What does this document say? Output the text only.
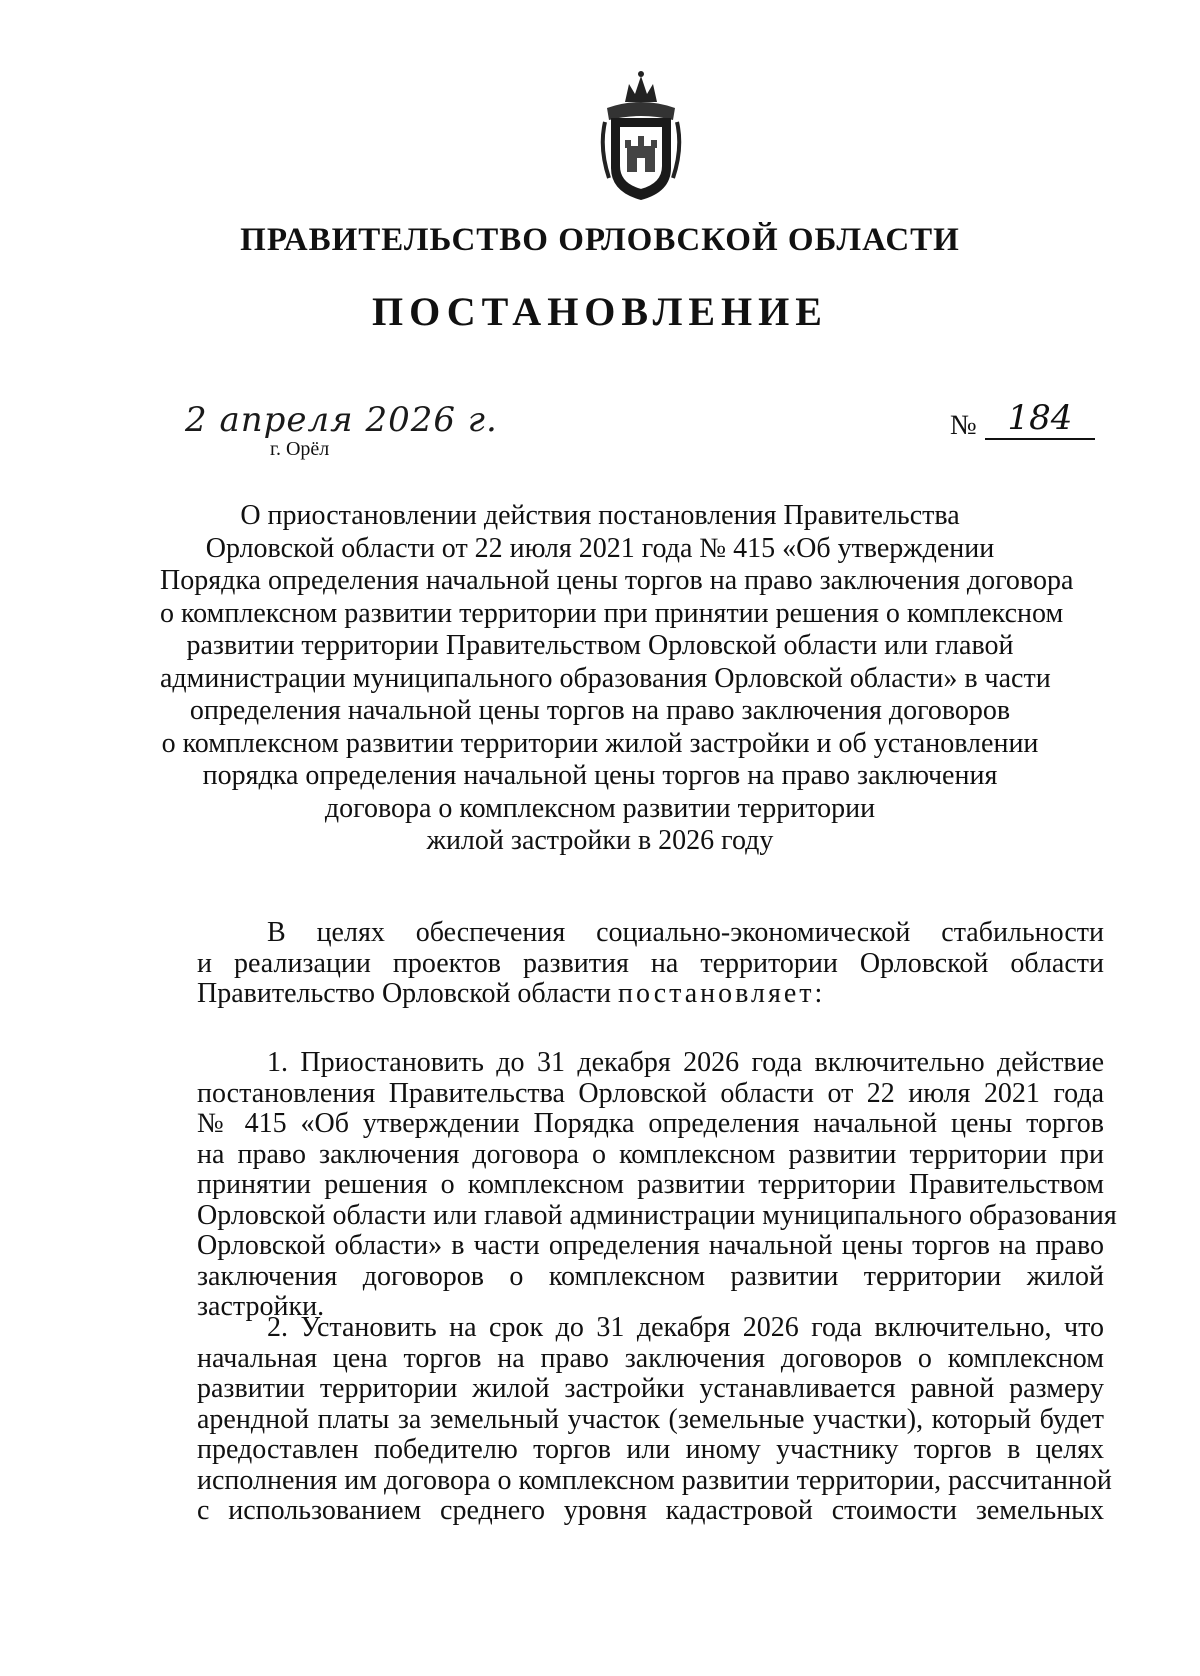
ПРАВИТЕЛЬСТВО ОРЛОВСКОЙ ОБЛАСТИ
ПОСТАНОВЛЕНИЕ
2 апреля 2026 г.
г. Орёл
№ 184
О приостановлении действия постановления Правительства
Орловской области от 22 июля 2021 года № 415 «Об утверждении
Порядка определения начальной цены торгов на право заключения договора
о комплексном развитии территории при принятии решения о комплексном
развитии территории Правительством Орловской области или главой
администрации муниципального образования Орловской области» в части
определения начальной цены торгов на право заключения договоров
о комплексном развитии территории жилой застройки и об установлении
порядка определения начальной цены торгов на право заключения
договора о комплексном развитии территории
жилой застройки в 2026 году
В целях обеспечения социально-экономической стабильности
и реализации проектов развития на территории Орловской области
Правительство Орловской области постановляет:
1. Приостановить до 31 декабря 2026 года включительно действие
постановления Правительства Орловской области от 22 июля 2021 года
№ 415 «Об утверждении Порядка определения начальной цены торгов
на право заключения договора о комплексном развитии территории при
принятии решения о комплексном развитии территории Правительством
Орловской области или главой администрации муниципального образования
Орловской области» в части определения начальной цены торгов на право
заключения договоров о комплексном развитии территории жилой
застройки.
2. Установить на срок до 31 декабря 2026 года включительно, что
начальная цена торгов на право заключения договоров о комплексном
развитии территории жилой застройки устанавливается равной размеру
арендной платы за земельный участок (земельные участки), который будет
предоставлен победителю торгов или иному участнику торгов в целях
исполнения им договора о комплексном развитии территории, рассчитанной
с использованием среднего уровня кадастровой стоимости земельных
